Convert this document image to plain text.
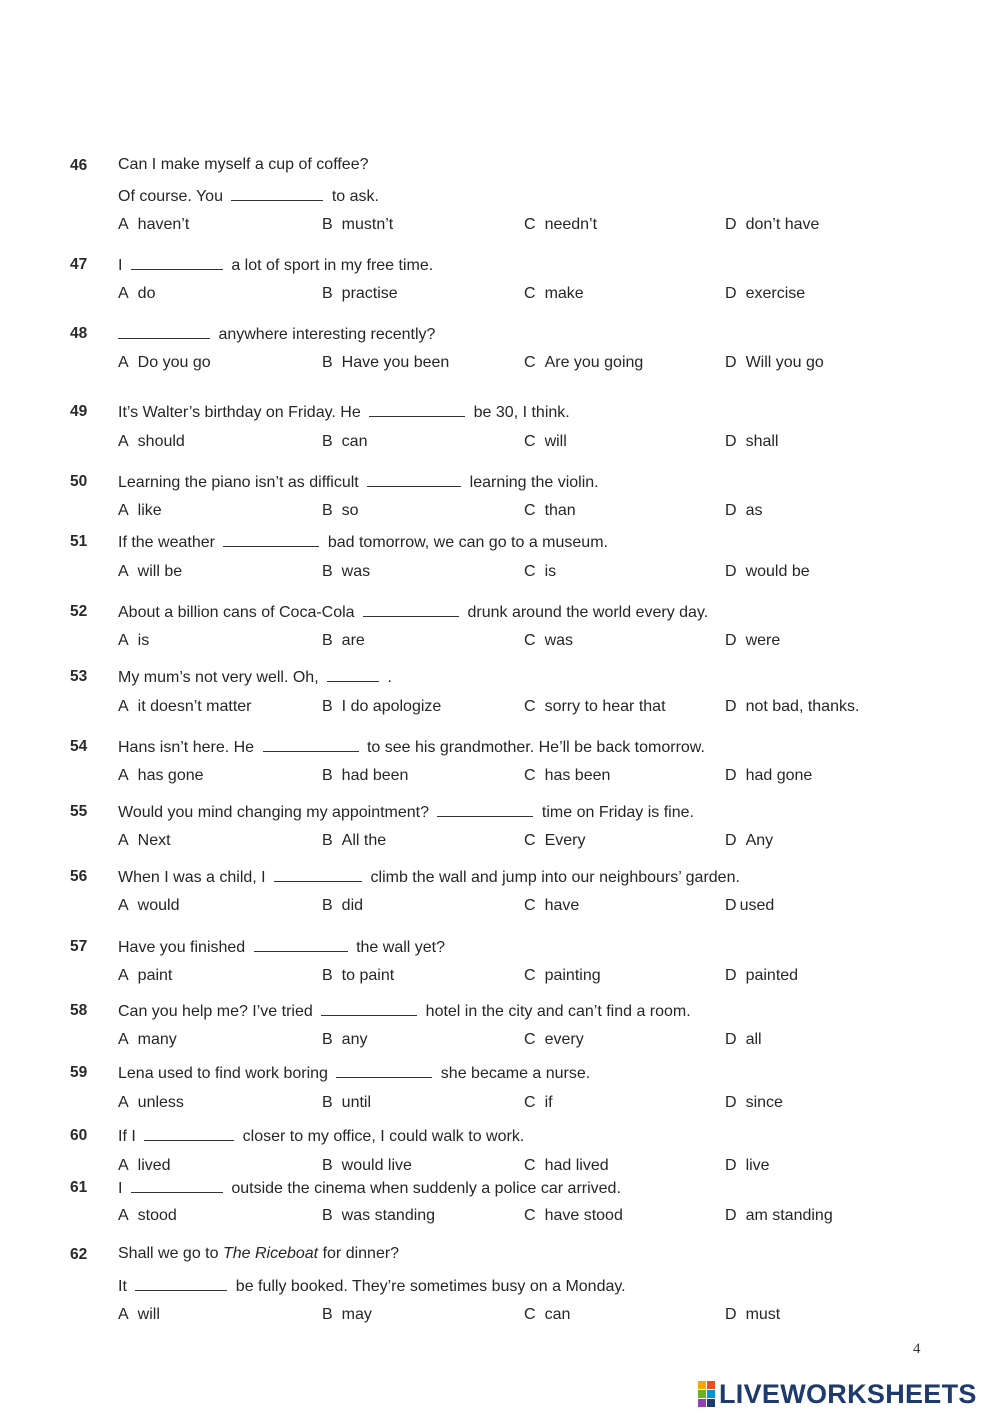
46 Can I make myself a cup of coffee?
Of course. You	to ask.
A haven’t	B mustn’t	C needn’t	D don’t have
47 I	a lot of sport in my free time.
A do	B practise	C make	D exercise
48	anywhere interesting recently?
A Do you go	B Have you been	C Are you going	D Will you go
49 It’s Walter’s birthday on Friday. He	be 30, I think.
A should	B can	C will	D shall
50 Learning the piano isn’t as difficult	learning the violin.
A like	B so	C than	D as
51 If the weather	bad tomorrow, we can go to a museum.
A will be	B was	C is	D would be
52 About a billion cans of Coca-Cola	drunk around the world every day.
A is	B are	C was	D were
53 My mum’s not very well. Oh,	.
A it doesn’t matter	B I do apologize	C sorry to hear that	D not bad, thanks.
54 Hans isn’t here. He	to see his grandmother. He’ll be back tomorrow.
A has gone	B had been	C has been	D had gone
55 Would you mind changing my appointment?	time on Friday is fine.
A Next	B All the	C Every	D Any
56 When I was a child, I	climb the wall and jump into our neighbours’ garden.
A would	B did	C have	D used
57 Have you finished	the wall yet?
A paint	B to paint	C painting	D painted
58 Can you help me? I’ve tried	hotel in the city and can’t find a room.
A many	B any	C every	D all
59 Lena used to find work boring	she became a nurse.
A unless	B until	C if	D since
60 If I	closer to my office, I could walk to work.
A lived	B would live	C had lived	D live
61 I	outside the cinema when suddenly a police car arrived.
A stood	B was standing	C have stood	D am standing
62 Shall we go to The Riceboat for dinner?
It	be fully booked. They’re sometimes busy on a Monday.
A will	B may	C can	D must
4
LIVEWORKSHEETS
